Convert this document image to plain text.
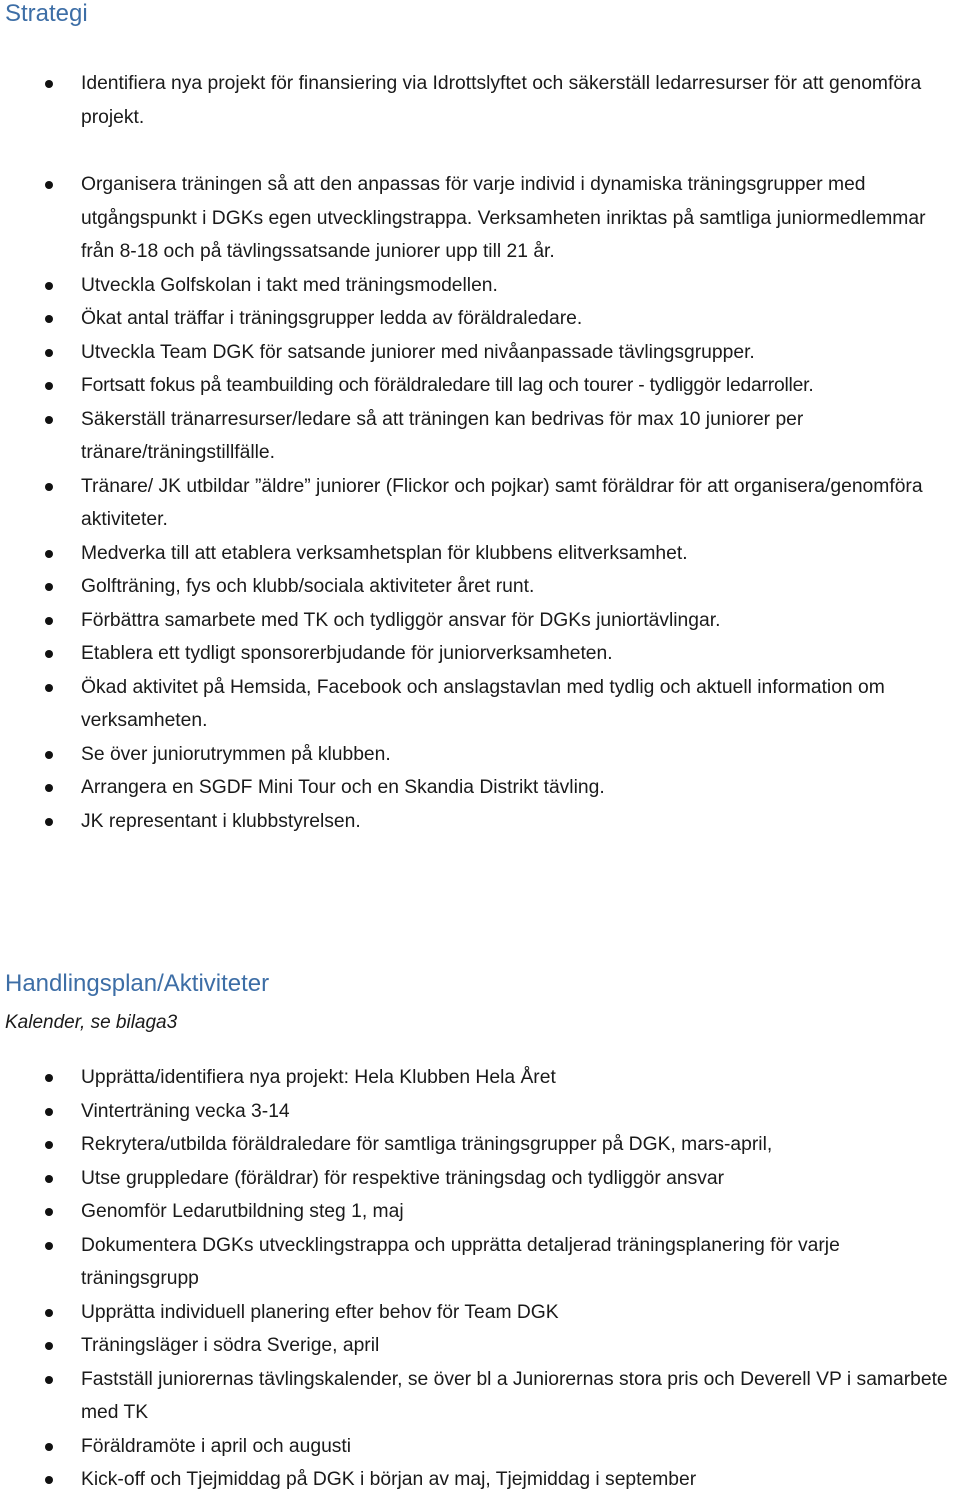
Strategi
Identifiera nya projekt för finansiering via Idrottslyftet och säkerställ ledarresurser för att genomföra projekt.
Organisera träningen så att den anpassas för varje individ i dynamiska träningsgrupper med utgångspunkt i DGKs egen utvecklingstrappa. Verksamheten inriktas på samtliga juniormedlemmar från 8-18 och på tävlingssatsande juniorer upp till 21 år.
Utveckla Golfskolan i takt med träningsmodellen.
Ökat antal träffar i träningsgrupper ledda av föräldraledare.
Utveckla Team DGK för satsande juniorer med nivåanpassade tävlingsgrupper.
Fortsatt fokus på teambuilding och föräldraledare till lag och tourer - tydliggör ledarroller.
Säkerställ tränarresurser/ledare så att träningen kan bedrivas för max 10 juniorer per tränare/träningstillfälle.
Tränare/ JK utbildar ”äldre” juniorer (Flickor och pojkar) samt föräldrar för att organisera/genomföra aktiviteter.
Medverka till att etablera verksamhetsplan för klubbens elitverksamhet.
Golfträning, fys och klubb/sociala aktiviteter året runt.
Förbättra samarbete med TK och tydliggör ansvar för DGKs juniortävlingar.
Etablera ett tydligt sponsorerbjudande för juniorverksamheten.
Ökad aktivitet på Hemsida, Facebook och anslagstavlan med tydlig och aktuell information om verksamheten.
Se över juniorutrymmen på klubben.
Arrangera en SGDF Mini Tour och en Skandia Distrikt tävling.
JK representant i klubbstyrelsen.
Handlingsplan/Aktiviteter
Kalender, se bilaga3
Upprätta/identifiera nya projekt: Hela Klubben Hela Året
Vinterträning vecka 3-14
Rekrytera/utbilda föräldraledare för samtliga träningsgrupper på DGK, mars-april,
Utse gruppledare (föräldrar) för respektive träningsdag och tydliggör ansvar
Genomför Ledarutbildning steg 1, maj
Dokumentera DGKs utvecklingstrappa och upprätta detaljerad träningsplanering för varje träningsgrupp
Upprätta individuell planering efter behov för Team DGK
Träningsläger i södra Sverige, april
Fastställ juniorernas tävlingskalender, se över bl a Juniorernas stora pris och Deverell VP i samarbete med TK
Föräldramöte i april och augusti
Kick-off och Tjejmiddag på DGK i början av maj, Tjejmiddag i september
